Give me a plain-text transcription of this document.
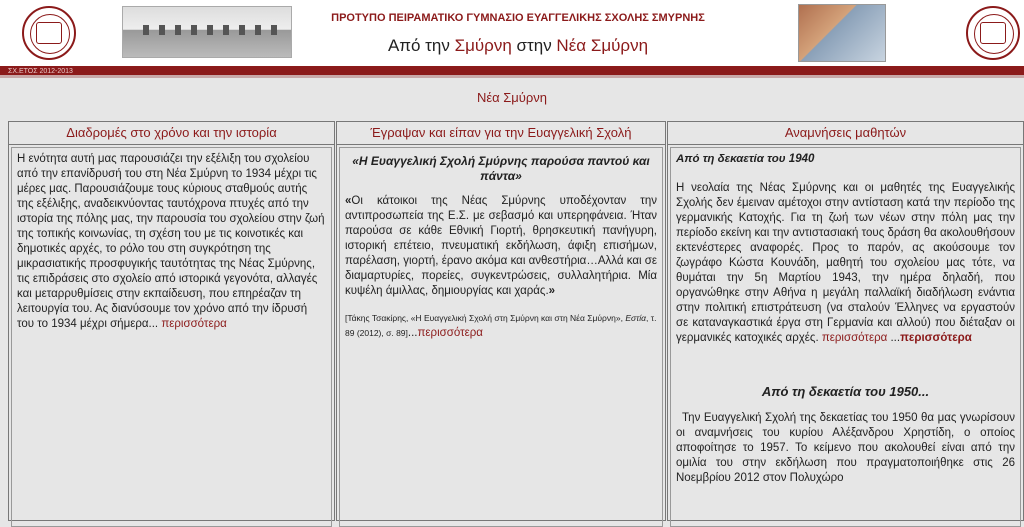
ΠΡΟΤΥΠΟ ΠΕΙΡΑΜΑΤΙΚΟ ΓΥΜΝΑΣΙΟ ΕΥΑΓΓΕΛΙΚΗΣ ΣΧΟΛΗΣ ΣΜΥΡΝΗΣ
Από την Σμύρνη στην Νέα Σμύρνη
ΣΧ.ΕΤΟΣ 2012-2013
Νέα Σμύρνη
Διαδρομές στο χρόνο και την ιστορία
Η ενότητα αυτή μας παρουσιάζει την εξέλιξη του σχολείου από την επανίδρυσή του στη Νέα Σμύρνη το 1934 μέχρι τις μέρες μας. Παρουσιάζουμε τους κύριους σταθμούς αυτής της εξέλιξης, αναδεικνύοντας ταυτόχρονα πτυχές από την ιστορία της πόλης μας, την παρουσία του σχολείου στην ζωή της τοπικής κοινωνίας, τη σχέση του με τις κοινοτικές και δημοτικές αρχές, το ρόλο του στη συγκρότηση της μικρασιατικής προσφυγικής ταυτότητας της Νέας Σμύρνης, τις επιδράσεις στο σχολείο από ιστορικά γεγονότα, αλλαγές και μεταρρυθμίσεις στην εκπαίδευση, που επηρέαζαν τη λειτουργία του. Ας διανύσουμε τον χρόνο από την ίδρυσή του το 1934 μέχρι σήμερα... περισσότερα
Έγραψαν και είπαν για την Ευαγγελική Σχολή
«Η Ευαγγελική Σχολή Σμύρνης παρούσα παντού και πάντα»
«Οι κάτοικοι της Νέας Σμύρνης υποδέχονταν την αντιπροσωπεία της Ε.Σ. με σεβασμό και υπερηφάνεια. Ήταν παρούσα σε κάθε Εθνική Γιορτή, θρησκευτική πανήγυρη, ιστορική επέτειο, πνευματική εκδήλωση, άφιξη επισήμων, παρέλαση, γιορτή, έρανο ακόμα και ανθεστήρια…Αλλά και σε διαμαρτυρίες, πορείες, συγκεντρώσεις, συλλαλητήρια. Μία κυψέλη άμιλλας, δημιουργίας και χαράς.»
[Τάκης Τσακίρης, «Η Ευαγγελική Σχολή στη Σμύρνη και στη Νέα Σμύρνη», Εστία, τ. 89 (2012), σ. 89]...περισσότερα
Αναμνήσεις μαθητών
Από τη δεκαετία του 1940
Η νεολαία της Νέας Σμύρνης και οι μαθητές της Ευαγγελικής Σχολής δεν έμειναν αμέτοχοι στην αντίσταση κατά την περίοδο της γερμανικής Κατοχής. Για τη ζωή των νέων στην πόλη μας την περίοδο εκείνη και την αντιστασιακή τους δράση θα ακολουθήσουν εκτενέστερες αναφορές. Προς το παρόν, ας ακούσουμε τον ζωγράφο Κώστα Κουνάδη, μαθητή του σχολείου μας τότε, να θυμάται την 5η Μαρτίου 1943, την ημέρα δηλαδή, που οργανώθηκε στην Αθήνα η μεγάλη παλλαϊκή διαδήλωση ενάντια στην πολιτική επιστράτευση (να σταλούν Έλληνες να εργαστούν σε καταναγκαστικά έργα στη Γερμανία και αλλού) που διέταξαν οι γερμανικές κατοχικές αρχές. περισσότερα ...περισσότερα
Από τη δεκαετία του 1950...
Την Ευαγγελική Σχολή της δεκαετίας του 1950 θα μας γνωρίσουν οι αναμνήσεις του κυρίου Αλέξανδρου Χρηστίδη, ο οποίος αποφοίτησε το 1957. Το κείμενο που ακολουθεί είναι από την ομιλία του στην εκδήλωση που πραγματοποιήθηκε στις 26 Νοεμβρίου 2012 στον Πολυχώρο
